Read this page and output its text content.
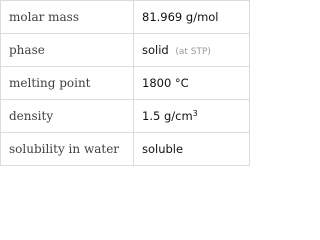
molar mass	81.969 g/mol
phase	solid (at STP)
melting point	1800 °C
density	1.5 $g/cm^3$
solubility in water	soluble
